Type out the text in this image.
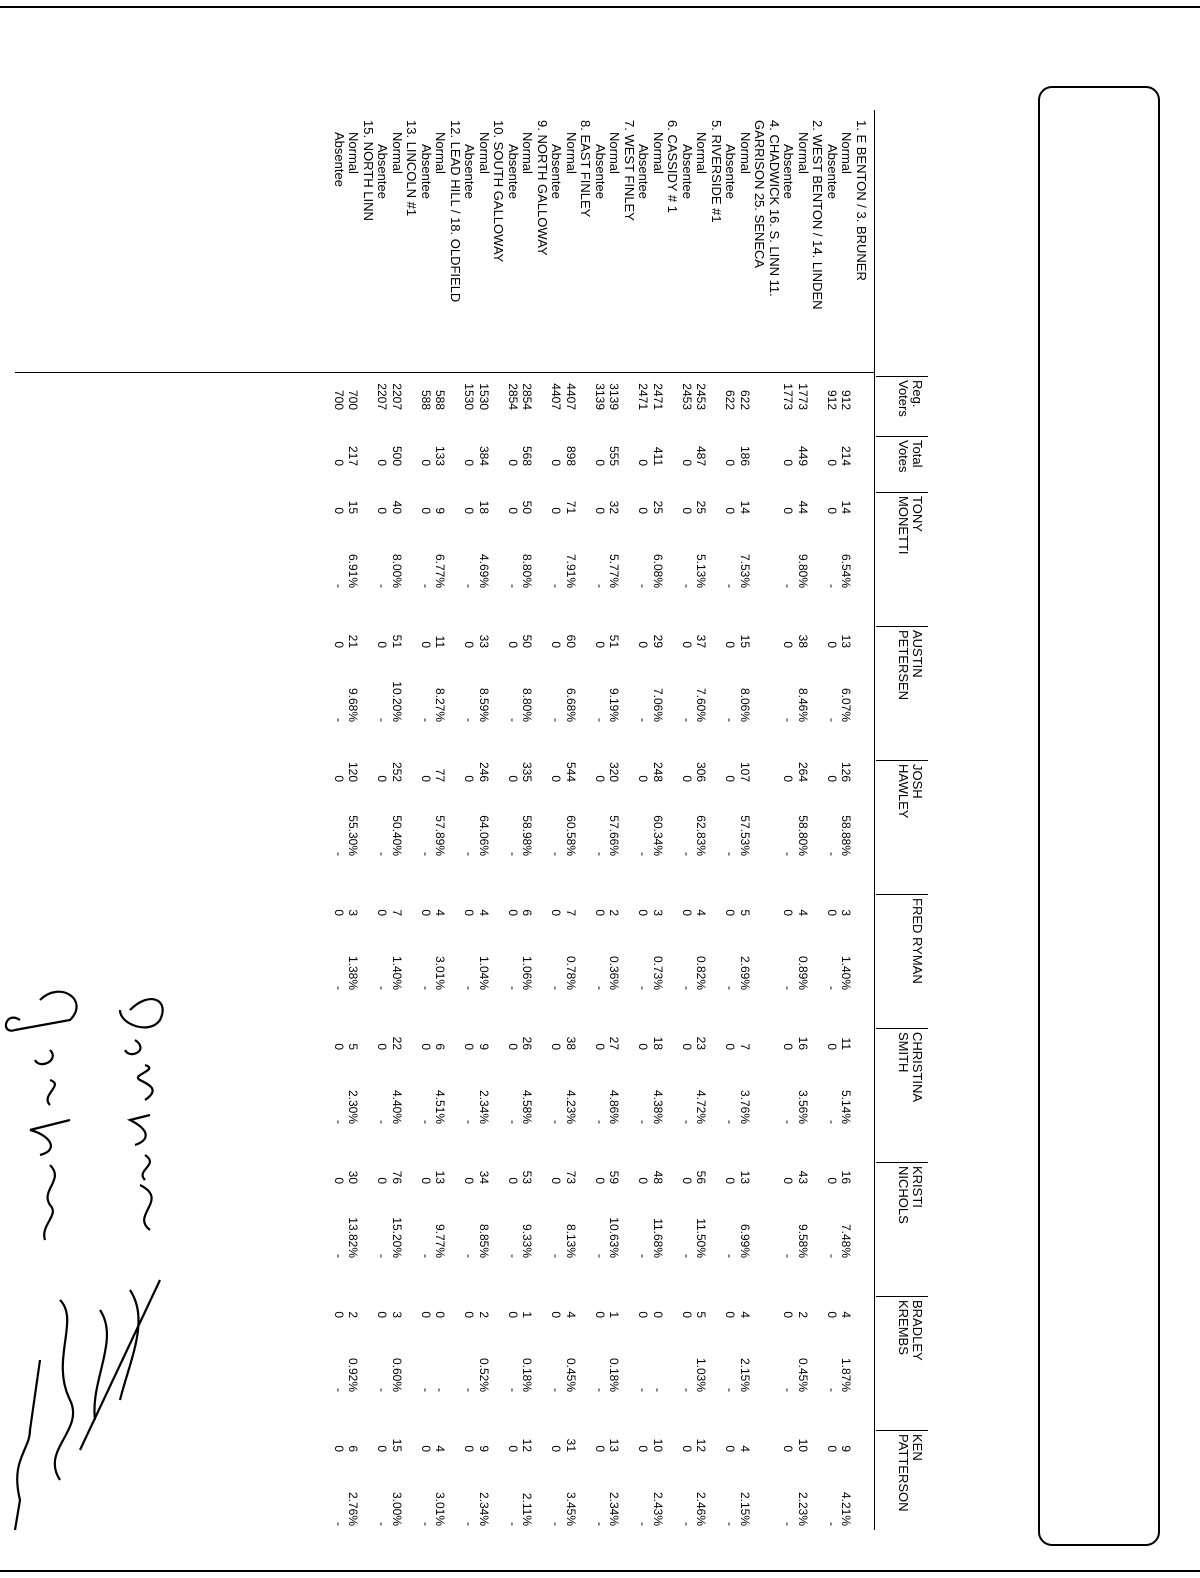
Reg.
Voters
Total
Votes
TONY
MONETTI
AUSTIN
PETERSEN
JOSH
HAWLEY
FRED RYMAN
CHRISTINA
SMITH
KRISTI
NICHOLS
BRADLEY
KREMBS
KEN
PATTERSON
1. E BENTON / 3. BRUNER
Normal
912
214
14
6.54%
13
6.07%
126
58.88%
3
1.40%
11
5.14%
16
7.48%
4
1.87%
9
4.21%
Absentee
912
0
0
-
0
-
0
-
0
-
0
-
0
-
0
-
0
-
2. WEST BENTON / 14. LINDEN
Normal
1773
449
44
9.80%
38
8.46%
264
58.80%
4
0.89%
16
3.56%
43
9.58%
2
0.45%
10
2.23%
Absentee
1773
0
0
-
0
-
0
-
0
-
0
-
0
-
0
-
0
-
4. CHADWICK 16. S. LINN 11.
GARRISON 25. SENECA
Normal
622
186
14
7.53%
15
8.06%
107
57.53%
5
2.69%
7
3.76%
13
6.99%
4
2.15%
4
2.15%
Absentee
622
0
0
-
0
-
0
-
0
-
0
-
0
-
0
-
0
-
5. RIVERSIDE #1
Normal
2453
487
25
5.13%
37
7.60%
306
62.83%
4
0.82%
23
4.72%
56
11.50%
5
1.03%
12
2.46%
Absentee
2453
0
0
-
0
-
0
-
0
-
0
-
0
-
0
-
0
-
6. CASSIDY # 1
Normal
2471
411
25
6.08%
29
7.06%
248
60.34%
3
0.73%
18
4.38%
48
11.68%
0
-
10
2.43%
Absentee
2471
0
0
-
0
-
0
-
0
-
0
-
0
-
0
-
0
-
7. WEST FINLEY
Normal
3139
555
32
5.77%
51
9.19%
320
57.66%
2
0.36%
27
4.86%
59
10.63%
1
0.18%
13
2.34%
Absentee
3139
0
0
-
0
-
0
-
0
-
0
-
0
-
0
-
0
-
8. EAST FINLEY
Normal
4407
898
71
7.91%
60
6.68%
544
60.58%
7
0.78%
38
4.23%
73
8.13%
4
0.45%
31
3.45%
Absentee
4407
0
0
-
0
-
0
-
0
-
0
-
0
-
0
-
0
-
9. NORTH GALLOWAY
Normal
2854
568
50
8.80%
50
8.80%
335
58.98%
6
1.06%
26
4.58%
53
9.33%
1
0.18%
12
2.11%
Absentee
2854
0
0
-
0
-
0
-
0
-
0
-
0
-
0
-
0
-
10. SOUTH GALLOWAY
Normal
1530
384
18
4.69%
33
8.59%
246
64.06%
4
1.04%
9
2.34%
34
8.85%
2
0.52%
9
2.34%
Absentee
1530
0
0
-
0
-
0
-
0
-
0
-
0
-
0
-
0
-
12. LEAD HILL / 18. OLDFIELD
Normal
588
133
9
6.77%
11
8.27%
77
57.89%
4
3.01%
6
4.51%
13
9.77%
0
-
4
3.01%
Absentee
588
0
0
-
0
-
0
-
0
-
0
-
0
-
0
-
0
-
13. LINCOLN #1
Normal
2207
500
40
8.00%
51
10.20%
252
50.40%
7
1.40%
22
4.40%
76
15.20%
3
0.60%
15
3.00%
Absentee
2207
0
0
-
0
-
0
-
0
-
0
-
0
-
0
-
0
-
15. NORTH LINN
Normal
700
217
15
6.91%
21
9.68%
120
55.30%
3
1.38%
5
2.30%
30
13.82%
2
0.92%
6
2.76%
Absentee
700
0
0
-
0
-
0
-
0
-
0
-
0
-
0
-
0
-
